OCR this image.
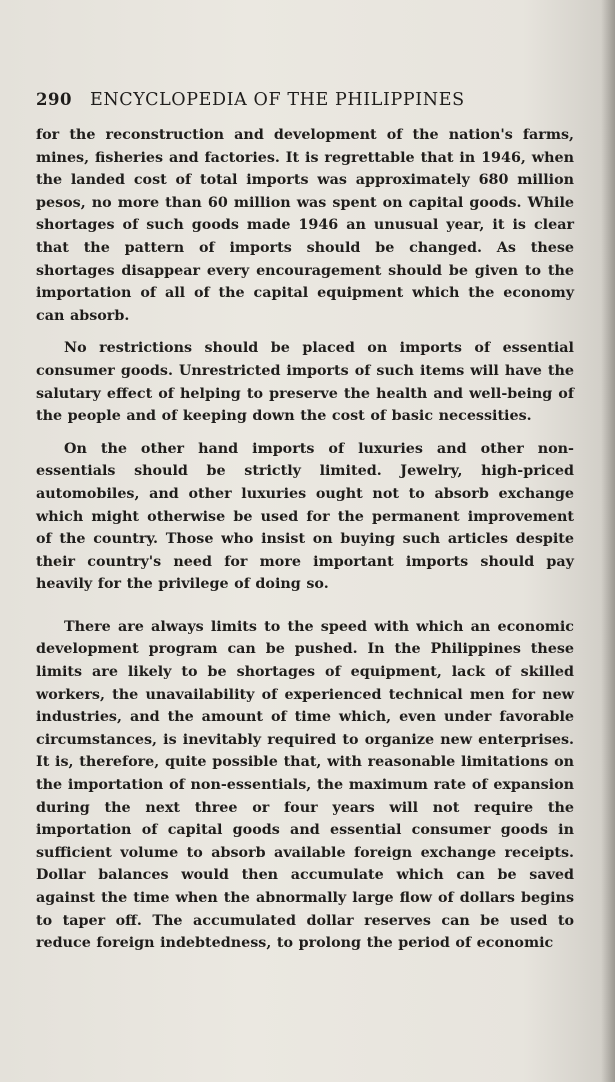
290 ENCYCLOPEDIA OF THE PHILIPPINES

for the reconstruction and development of the nation's farms, mines, fisheries and factories. It is regrettable that in 1946, when the landed cost of total imports was approximately 680 million pesos, no more than 60 million was spent on capital goods. While shortages of such goods made 1946 an unusual year, it is clear that the pattern of imports should be changed. As these shortages disappear every encouragement should be given to the importation of all of the capital equipment which the economy can absorb.

No restrictions should be placed on imports of essential consumer goods. Unrestricted imports of such items will have the salutary effect of helping to preserve the health and well-being of the people and of keeping down the cost of basic necessities.

On the other hand imports of luxuries and other non-essentials should be strictly limited. Jewelry, high-priced automobiles, and other luxuries ought not to absorb exchange which might otherwise be used for the permanent improvement of the country. Those who insist on buying such articles despite their country's need for more important imports should pay heavily for the privilege of doing so.

There are always limits to the speed with which an economic development program can be pushed. In the Philippines these limits are likely to be shortages of equipment, lack of skilled workers, the unavailability of experienced technical men for new industries, and the amount of time which, even under favorable circumstances, is inevitably required to organize new enterprises. It is, therefore, quite possible that, with reasonable limitations on the importation of non-essentials, the maximum rate of expansion during the next three or four years will not require the importation of capital goods and essential consumer goods in sufficient volume to absorb available foreign exchange receipts. Dollar balances would then accumulate which can be saved against the time when the abnormally large flow of dollars begins to taper off. The accumulated dollar reserves can be used to reduce foreign indebtedness, to prolong the period of economic
